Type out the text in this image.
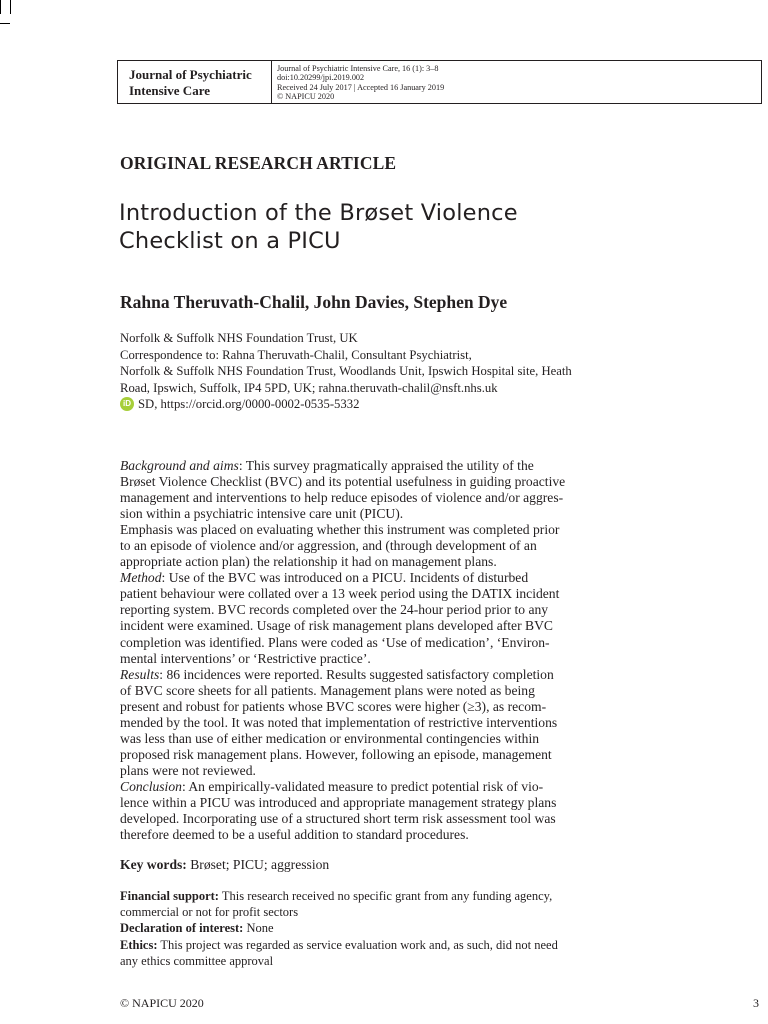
Journal of Psychiatric
Intensive Care
Journal of Psychiatric Intensive Care, 16 (1): 3–8
doi:10.20299/jpi.2019.002
Received 24 July 2017 | Accepted 16 January 2019
© NAPICU 2020
ORIGINAL RESEARCH ARTICLE
Introduction of the Brøset Violence
Checklist on a PICU
Rahna Theruvath-Chalil, John Davies, Stephen Dye
Norfolk & Suffolk NHS Foundation Trust, UK
Correspondence to: Rahna Theruvath-Chalil, Consultant Psychiatrist,
Norfolk & Suffolk NHS Foundation Trust, Woodlands Unit, Ipswich Hospital site, Heath
Road, Ipswich, Suffolk, IP4 5PD, UK; rahna.theruvath-chalil@nsft.nhs.uk
iD SD, https://orcid.org/0000-0002-0535-5332
Background and aims: This survey pragmatically appraised the utility of the
Brøset Violence Checklist (BVC) and its potential usefulness in guiding proactive
management and interventions to help reduce episodes of violence and/or aggres-
sion within a psychiatric intensive care unit (PICU).
Emphasis was placed on evaluating whether this instrument was completed prior
to an episode of violence and/or aggression, and (through development of an
appropriate action plan) the relationship it had on management plans.
Method: Use of the BVC was introduced on a PICU. Incidents of disturbed
patient behaviour were collated over a 13 week period using the DATIX incident
reporting system. BVC records completed over the 24-hour period prior to any
incident were examined. Usage of risk management plans developed after BVC
completion was identified. Plans were coded as ‘Use of medication’, ‘Environ-
mental interventions’ or ‘Restrictive practice’.
Results: 86 incidences were reported. Results suggested satisfactory completion
of BVC score sheets for all patients. Management plans were noted as being
present and robust for patients whose BVC scores were higher (≥3), as recom-
mended by the tool. It was noted that implementation of restrictive interventions
was less than use of either medication or environmental contingencies within
proposed risk management plans. However, following an episode, management
plans were not reviewed.
Conclusion: An empirically-validated measure to predict potential risk of vio-
lence within a PICU was introduced and appropriate management strategy plans
developed. Incorporating use of a structured short term risk assessment tool was
therefore deemed to be a useful addition to standard procedures.
Key words: Brøset; PICU; aggression
Financial support: This research received no specific grant from any funding agency,
commercial or not for profit sectors
Declaration of interest: None
Ethics: This project was regarded as service evaluation work and, as such, did not need
any ethics committee approval
© NAPICU 2020	3
